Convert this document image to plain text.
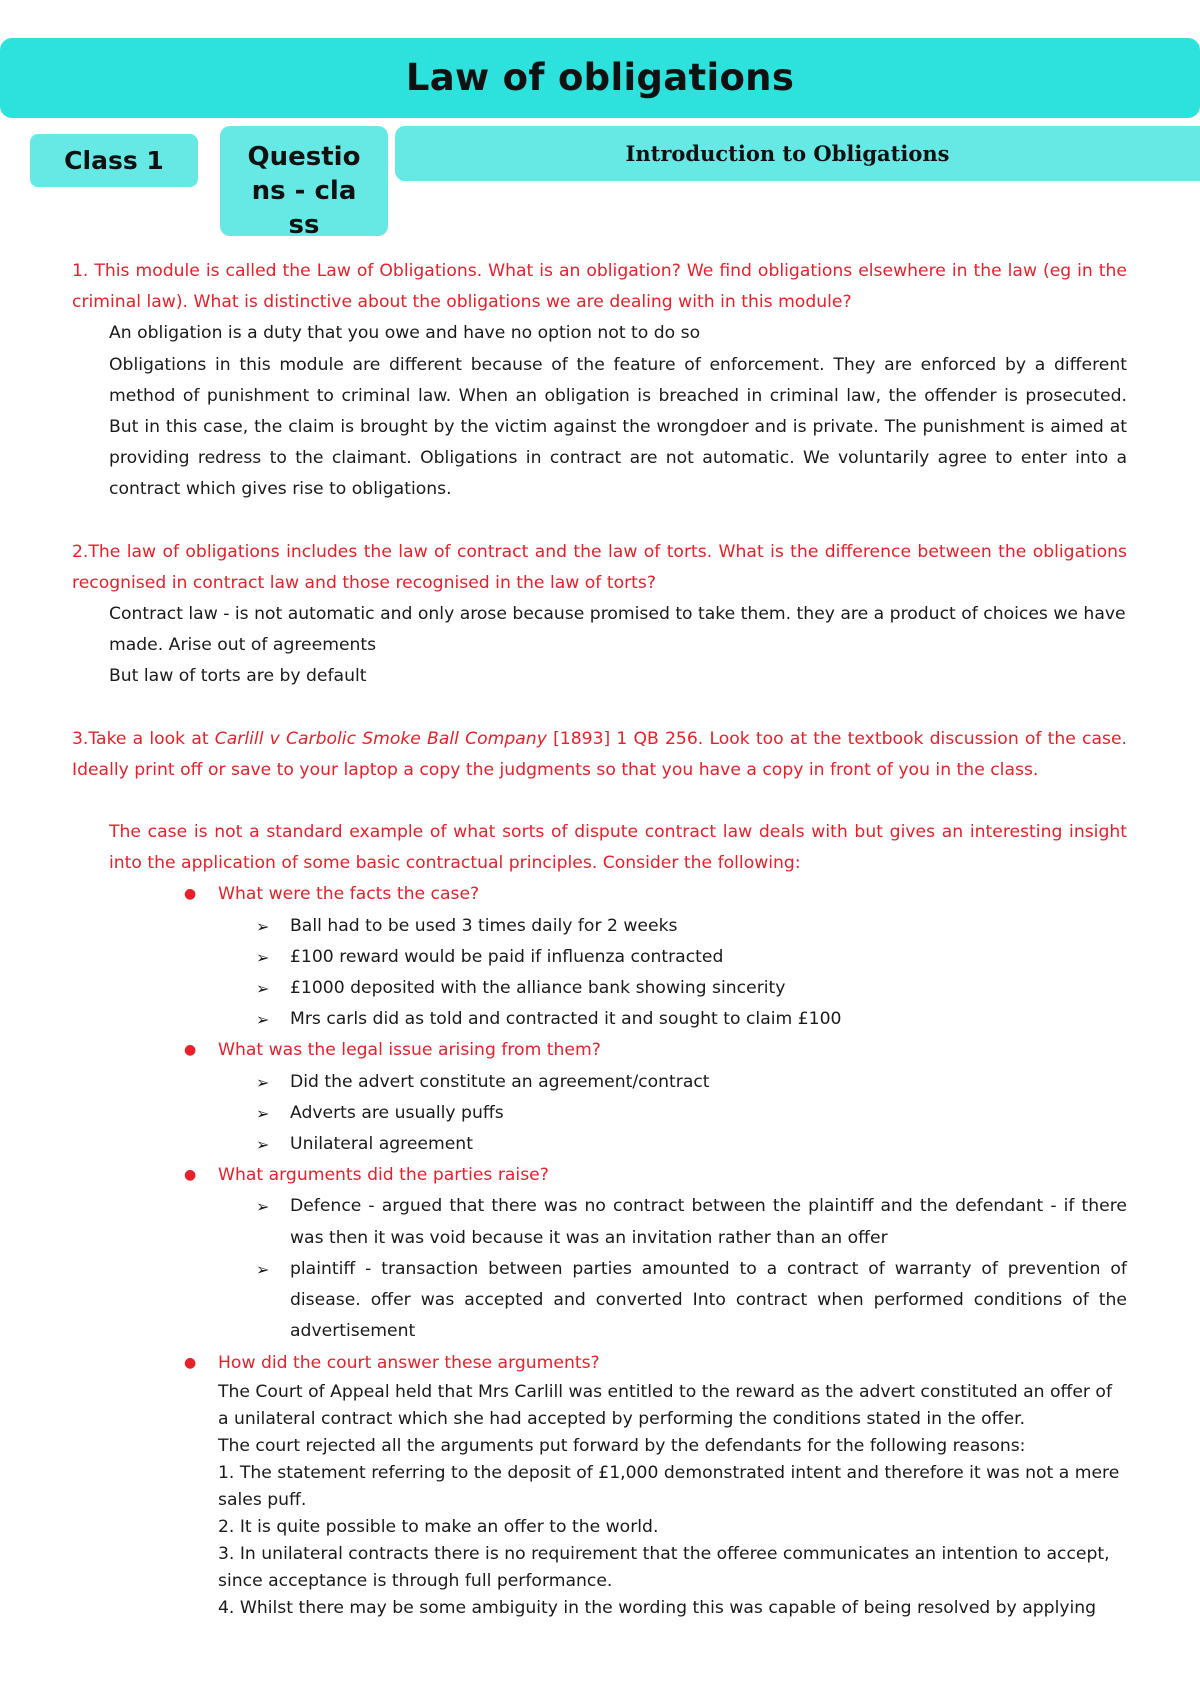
Law of obligations
Class 1	Questions - class
Introduction to Obligations

1. This module is called the Law of Obligations. What is an obligation? We find obligations elsewhere in the law (eg in the criminal law). What is distinctive about the obligations we are dealing with in this module?

An obligation is a duty that you owe and have no option not to do so

Obligations in this module are different because of the feature of enforcement. They are enforced by a different method of punishment to criminal law. When an obligation is breached in criminal law, the offender is prosecuted. But in this case, the claim is brought by the victim against the wrongdoer and is private. The punishment is aimed at providing redress to the claimant. Obligations in contract are not automatic. We voluntarily agree to enter into a contract which gives rise to obligations.

2.The law of obligations includes the law of contract and the law of torts. What is the difference between the obligations recognised in contract law and those recognised in the law of torts?

Contract law - is not automatic and only arose because promised to take them. they are a product of choices we have made. Arise out of agreements

But law of torts are by default

3.Take a look at Carlill v Carbolic Smoke Ball Company [1893] 1 QB 256. Look too at the textbook discussion of the case. Ideally print off or save to your laptop a copy the judgments so that you have a copy in front of you in the class.

The case is not a standard example of what sorts of dispute contract law deals with but gives an interesting insight into the application of some basic contractual principles. Consider the following:

● What were the facts the case?
➢ Ball had to be used 3 times daily for 2 weeks
➢ £100 reward would be paid if influenza contracted
➢ £1000 deposited with the alliance bank showing sincerity
➢ Mrs carls did as told and contracted it and sought to claim £100
● What was the legal issue arising from them?
➢ Did the advert constitute an agreement/contract
➢ Adverts are usually puffs
➢ Unilateral agreement
● What arguments did the parties raise?
➢ Defence - argued that there was no contract between the plaintiff and the defendant - if there was then it was void because it was an invitation rather than an offer
➢ plaintiff - transaction between parties amounted to a contract of warranty of prevention of disease. offer was accepted and converted Into contract when performed conditions of the advertisement
● How did the court answer these arguments?

The Court of Appeal held that Mrs Carlill was entitled to the reward as the advert constituted an offer of a unilateral contract which she had accepted by performing the conditions stated in the offer.

The court rejected all the arguments put forward by the defendants for the following reasons:

1. The statement referring to the deposit of £1,000 demonstrated intent and therefore it was not a mere sales puff.

2. It is quite possible to make an offer to the world.

3. In unilateral contracts there is no requirement that the offeree communicates an intention to accept, since acceptance is through full performance.

4. Whilst there may be some ambiguity in the wording this was capable of being resolved by applying
